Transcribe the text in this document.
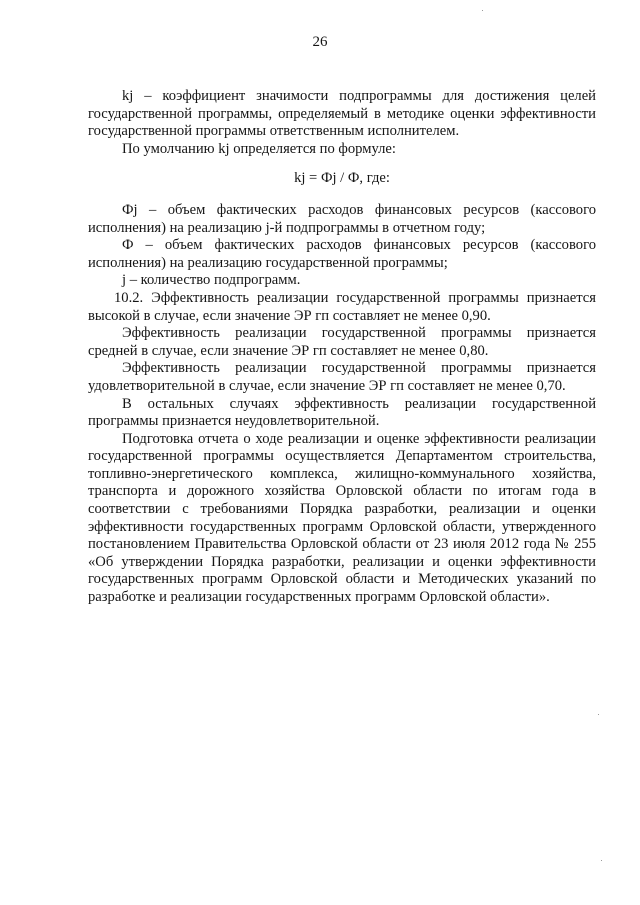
26

kj – коэффициент значимости подпрограммы для достижения целей государственной программы, определяемый в методике оценки эффективности государственной программы ответственным исполнителем.

По умолчанию kj определяется по формуле:

kj = Фj / Ф, где:

Фj – объем фактических расходов финансовых ресурсов (кассового исполнения) на реализацию j-й подпрограммы в отчетном году;

Ф – объем фактических расходов финансовых ресурсов (кассового исполнения) на реализацию государственной программы;

j – количество подпрограмм.

10.2. Эффективность реализации государственной программы признается высокой в случае, если значение ЭР гп составляет не менее 0,90.

Эффективность реализации государственной программы признается средней в случае, если значение ЭР гп составляет не менее 0,80.

Эффективность реализации государственной программы признается удовлетворительной в случае, если значение ЭР гп составляет не менее 0,70.

В остальных случаях эффективность реализации государственной программы признается неудовлетворительной.

Подготовка отчета о ходе реализации и оценке эффективности реализации государственной программы осуществляется Департаментом строительства, топливно-энергетического комплекса, жилищно-коммунального хозяйства, транспорта и дорожного хозяйства Орловской области по итогам года в соответствии с требованиями Порядка разработки, реализации и оценки эффективности государственных программ Орловской области, утвержденного постановлением Правительства Орловской области от 23 июля 2012 года № 255 «Об утверждении Порядка разработки, реализации и оценки эффективности государственных программ Орловской области и Методических указаний по разработке и реализации государственных программ Орловской области».
